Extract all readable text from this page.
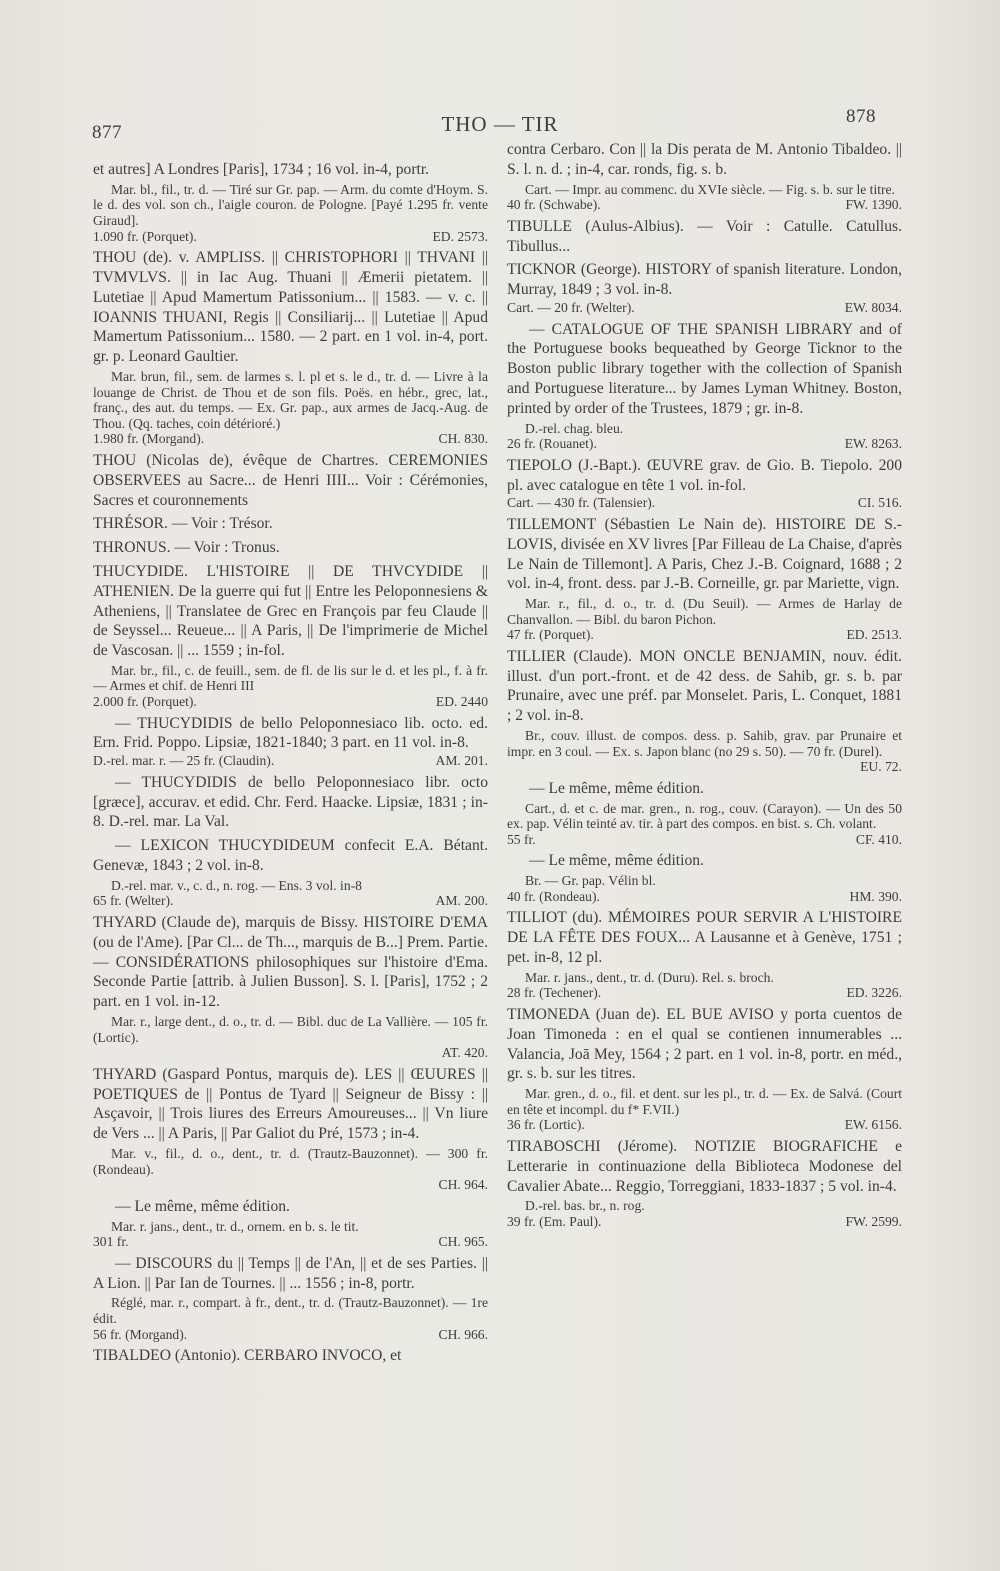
877	THO — TIR	878

et autres] A Londres [Paris], 1734 ; 16 vol. in-4, portr.

Mar. bl., fil., tr. d. — Tiré sur Gr. pap. — Arm. du comte d'Hoym. S. le d. des vol. son ch., l'aigle couron. de Pologne. [Payé 1.295 fr. vente Giraud].

1.090 fr. (Porquet).	ED. 2573.

THOU (de). v. AMPLISS. || CHRISTOPHORI || THVANI || TVMVLVS. || in Iac Aug. Thuani || Æmerii pietatem. || Lutetiae || Apud Mamertum Patissonium... || 1583. — v. c. || IOANNIS THUANI, Regis || Consiliarij... || Lutetiae || Apud Mamertum Patissonium... 1580. — 2 part. en 1 vol. in-4, port. gr. p. Leonard Gaultier.

Mar. brun, fil., sem. de larmes s. l. pl et s. le d., tr. d. — Livre à la louange de Christ. de Thou et de son fils. Poës. en hébr., grec, lat., franç., des aut. du temps. — Ex. Gr. pap., aux armes de Jacq.-Aug. de Thou. (Qq. taches, coin détérioré.)

1.980 fr. (Morgand).	CH. 830.

THOU (Nicolas de), évêque de Chartres. CEREMONIES OBSERVEES au Sacre... de Henri IIII... Voir : Cérémonies, Sacres et couronnements

THRÉSOR. — Voir : Trésor.

THRONUS. — Voir : Tronus.

THUCYDIDE. L'HISTOIRE || DE THVCYDIDE || ATHENIEN. De la guerre qui fut || Entre les Peloponnesiens & Atheniens, || Translatee de Grec en François par feu Claude || de Seyssel... Reueue... || A Paris, || De l'imprimerie de Michel de Vascosan. || ... 1559 ; in-fol.

Mar. br., fil., c. de feuill., sem. de fl. de lis sur le d. et les pl., f. à fr. — Armes et chif. de Henri III

2.000 fr. (Porquet).	ED. 2440

— THUCYDIDIS de bello Peloponnesiaco lib. octo. ed. Ern. Frid. Poppo. Lipsiæ, 1821-1840; 3 part. en 11 vol. in-8.

D.-rel. mar. r. — 25 fr. (Claudin).	AM. 201.

— THUCYDIDIS de bello Peloponnesiaco libr. octo [græce], accurav. et edid. Chr. Ferd. Haacke. Lipsiæ, 1831 ; in-8. D.-rel. mar. La Val.

— LEXICON THUCYDIDEUM confecit E.A. Bétant. Genevæ, 1843 ; 2 vol. in-8.

D.-rel. mar. v., c. d., n. rog. — Ens. 3 vol. in-8

65 fr. (Welter).	AM. 200.

THYARD (Claude de), marquis de Bissy. HISTOIRE D'EMA (ou de l'Ame). [Par Cl... de Th..., marquis de B...] Prem. Partie. — CONSIDÉRATIONS philosophiques sur l'histoire d'Ema. Seconde Partie [attrib. à Julien Busson]. S. l. [Paris], 1752 ; 2 part. en 1 vol. in-12.

Mar. r., large dent., d. o., tr. d. — Bibl. duc de La Vallière. — 105 fr. (Lortic).

AT. 420.

THYARD (Gaspard Pontus, marquis de). LES || ŒUURES || POETIQUES de || Pontus de Tyard || Seigneur de Bissy : || Asçavoir, || Trois liures des Erreurs Amoureuses... || Vn liure de Vers ... || A Paris, || Par Galiot du Pré, 1573 ; in-4.

Mar. v., fil., d. o., dent., tr. d. (Trautz-Bauzonnet). — 300 fr. (Rondeau).

CH. 964.

— Le même, même édition.

Mar. r. jans., dent., tr. d., ornem. en b. s. le tit.

301 fr.	CH. 965.

— DISCOURS du || Temps || de l'An, || et de ses Parties. || A Lion. || Par Ian de Tournes. || ... 1556 ; in-8, portr.

Réglé, mar. r., compart. à fr., dent., tr. d. (Trautz-Bauzonnet). — 1re édit.

56 fr. (Morgand).	CH. 966.

TIBALDEO (Antonio). CERBARO INVOCO, et

contra Cerbaro. Con || la Dis perata de M. Antonio Tibaldeo. || S. l. n. d. ; in-4, car. ronds, fig. s. b.

Cart. — Impr. au commenc. du XVIe siècle. — Fig. s. b. sur le titre.

40 fr. (Schwabe).	FW. 1390.

TIBULLE (Aulus-Albius). — Voir : Catulle. Catullus. Tibullus...

TICKNOR (George). HISTORY of spanish literature. London, Murray, 1849 ; 3 vol. in-8.

Cart. — 20 fr. (Welter).	EW. 8034.

— CATALOGUE OF THE SPANISH LIBRARY and of the Portuguese books bequeathed by George Ticknor to the Boston public library together with the collection of Spanish and Portuguese literature... by James Lyman Whitney. Boston, printed by order of the Trustees, 1879 ; gr. in-8.

D.-rel. chag. bleu.

26 fr. (Rouanet).	EW. 8263.

TIEPOLO (J.-Bapt.). ŒUVRE grav. de Gio. B. Tiepolo. 200 pl. avec catalogue en tête 1 vol. in-fol.

Cart. — 430 fr. (Talensier).	CI. 516.

TILLEMONT (Sébastien Le Nain de). HISTOIRE DE S.-LOVIS, divisée en XV livres [Par Filleau de La Chaise, d'après Le Nain de Tillemont]. A Paris, Chez J.-B. Coignard, 1688 ; 2 vol. in-4, front. dess. par J.-B. Corneille, gr. par Mariette, vign.

Mar. r., fil., d. o., tr. d. (Du Seuil). — Armes de Harlay de Chanvallon. — Bibl. du baron Pichon.

47 fr. (Porquet).	ED. 2513.

TILLIER (Claude). MON ONCLE BENJAMIN, nouv. édit. illust. d'un port.-front. et de 42 dess. de Sahib, gr. s. b. par Prunaire, avec une préf. par Monselet. Paris, L. Conquet, 1881 ; 2 vol. in-8.

Br., couv. illust. de compos. dess. p. Sahib, grav. par Prunaire et impr. en 3 coul. — Ex. s. Japon blanc (no 29 s. 50). — 70 fr. (Durel).

EU. 72.

— Le même, même édition.

Cart., d. et c. de mar. gren., n. rog., couv. (Carayon). — Un des 50 ex. pap. Vélin teinté av. tir. à part des compos. en bist. s. Ch. volant.

55 fr.	CF. 410.

— Le même, même édition.

Br. — Gr. pap. Vélin bl.

40 fr. (Rondeau).	HM. 390.

TILLIOT (du). MÉMOIRES POUR SERVIR A L'HISTOIRE DE LA FÊTE DES FOUX... A Lausanne et à Genève, 1751 ; pet. in-8, 12 pl.

Mar. r. jans., dent., tr. d. (Duru). Rel. s. broch.

28 fr. (Techener).	ED. 3226.

TIMONEDA (Juan de). EL BUE AVISO y porta cuentos de Joan Timoneda : en el qual se contienen innumerables ... Valancia, Joā Mey, 1564 ; 2 part. en 1 vol. in-8, portr. en méd., gr. s. b. sur les titres.

Mar. gren., d. o., fil. et dent. sur les pl., tr. d. — Ex. de Salvá. (Court en tête et incompl. du f* F.VII.)

36 fr. (Lortic).	EW. 6156.

TIRABOSCHI (Jérome). NOTIZIE BIOGRAFICHE e Letterarie in continuazione della Biblioteca Modonese del Cavalier Abate... Reggio, Torreggiani, 1833-1837 ; 5 vol. in-4.

D.-rel. bas. br., n. rog.

39 fr. (Em. Paul).	FW. 2599.
